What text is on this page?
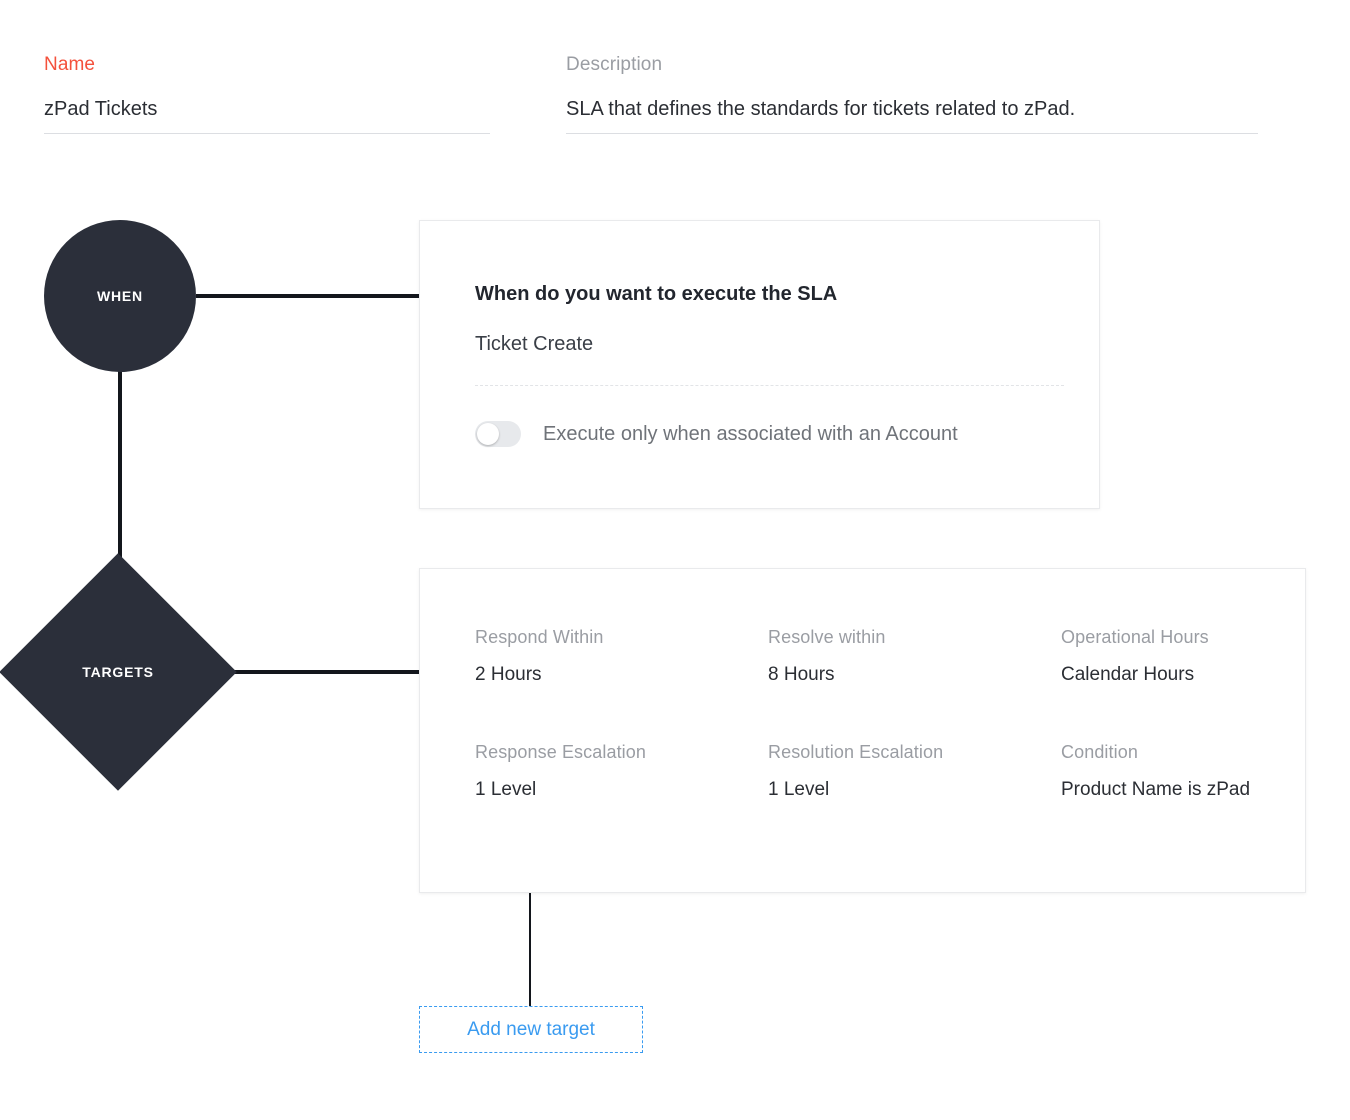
Name
zPad Tickets
Description
SLA that defines the standards for tickets related to zPad.
WHEN
TARGETS
When do you want to execute the SLA
Ticket Create
Execute only when associated with an Account
Respond Within
2 Hours
Resolve within
8 Hours
Operational Hours
Calendar Hours
Response Escalation
1 Level
Resolution Escalation
1 Level
Condition
Product Name is zPad
Add new target
